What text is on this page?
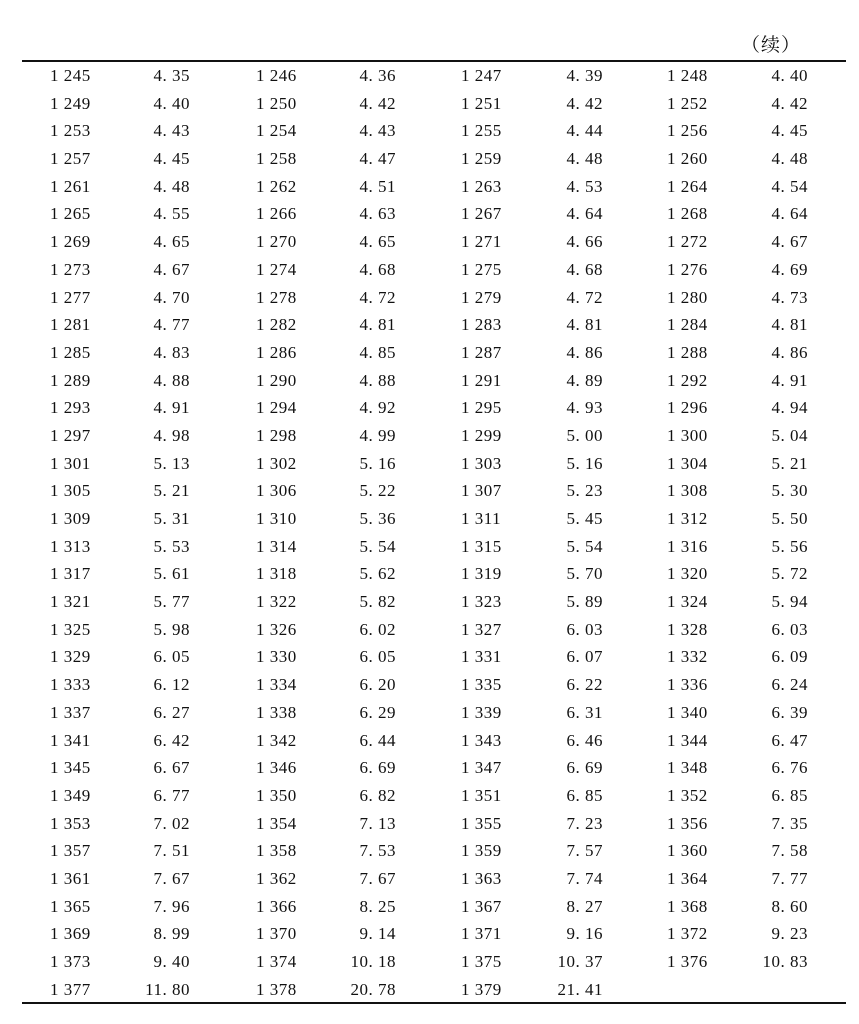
（续）
1 245	4. 35	1 246	4. 36	1 247	4. 39	1 248	4. 40
1 249	4. 40	1 250	4. 42	1 251	4. 42	1 252	4. 42
1 253	4. 43	1 254	4. 43	1 255	4. 44	1 256	4. 45
1 257	4. 45	1 258	4. 47	1 259	4. 48	1 260	4. 48
1 261	4. 48	1 262	4. 51	1 263	4. 53	1 264	4. 54
1 265	4. 55	1 266	4. 63	1 267	4. 64	1 268	4. 64
1 269	4. 65	1 270	4. 65	1 271	4. 66	1 272	4. 67
1 273	4. 67	1 274	4. 68	1 275	4. 68	1 276	4. 69
1 277	4. 70	1 278	4. 72	1 279	4. 72	1 280	4. 73
1 281	4. 77	1 282	4. 81	1 283	4. 81	1 284	4. 81
1 285	4. 83	1 286	4. 85	1 287	4. 86	1 288	4. 86
1 289	4. 88	1 290	4. 88	1 291	4. 89	1 292	4. 91
1 293	4. 91	1 294	4. 92	1 295	4. 93	1 296	4. 94
1 297	4. 98	1 298	4. 99	1 299	5. 00	1 300	5. 04
1 301	5. 13	1 302	5. 16	1 303	5. 16	1 304	5. 21
1 305	5. 21	1 306	5. 22	1 307	5. 23	1 308	5. 30
1 309	5. 31	1 310	5. 36	1 311	5. 45	1 312	5. 50
1 313	5. 53	1 314	5. 54	1 315	5. 54	1 316	5. 56
1 317	5. 61	1 318	5. 62	1 319	5. 70	1 320	5. 72
1 321	5. 77	1 322	5. 82	1 323	5. 89	1 324	5. 94
1 325	5. 98	1 326	6. 02	1 327	6. 03	1 328	6. 03
1 329	6. 05	1 330	6. 05	1 331	6. 07	1 332	6. 09
1 333	6. 12	1 334	6. 20	1 335	6. 22	1 336	6. 24
1 337	6. 27	1 338	6. 29	1 339	6. 31	1 340	6. 39
1 341	6. 42	1 342	6. 44	1 343	6. 46	1 344	6. 47
1 345	6. 67	1 346	6. 69	1 347	6. 69	1 348	6. 76
1 349	6. 77	1 350	6. 82	1 351	6. 85	1 352	6. 85
1 353	7. 02	1 354	7. 13	1 355	7. 23	1 356	7. 35
1 357	7. 51	1 358	7. 53	1 359	7. 57	1 360	7. 58
1 361	7. 67	1 362	7. 67	1 363	7. 74	1 364	7. 77
1 365	7. 96	1 366	8. 25	1 367	8. 27	1 368	8. 60
1 369	8. 99	1 370	9. 14	1 371	9. 16	1 372	9. 23
1 373	9. 40	1 374	10. 18	1 375	10. 37	1 376	10. 83
1 377	11. 80	1 378	20. 78	1 379	21. 41
